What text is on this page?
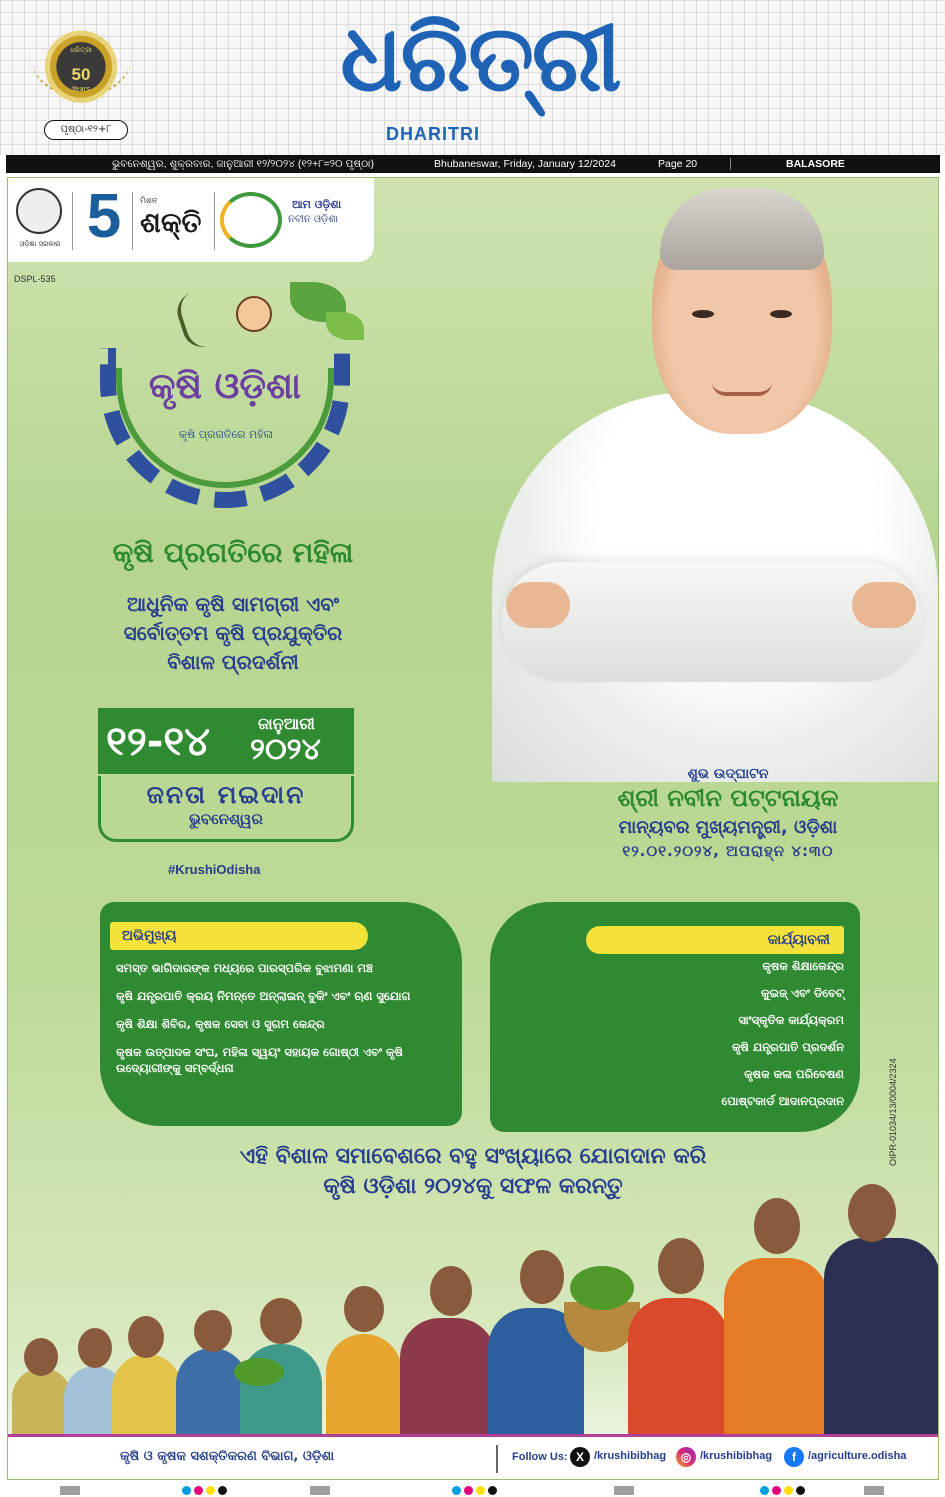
ଧରିତ୍ରୀ
50
Years
ପୃଷ୍ଠା-୧୨+୮
ଧରିତ୍ରୀ
DHARITRI
ଭୁବନେଶ୍ୱର, ଶୁକ୍ରବାର, ଜାନୁଆରୀ ୧୨/୨୦୨୪ (୧୨+୮=୨୦ ପୃଷ୍ଠା)	Bhubaneswar, Friday, January 12/2024	Page 20	BALASORE
ଓଡ଼ିଶା ସରକାର 5	ମିଶନ
ଶକ୍ତି
ଆମ ଓଡ଼ିଶା
ନବୀନ ଓଡ଼ିଶା
DSPL-535
କୃଷି ଓଡ଼ିଶା
କୃଷି ପ୍ରଗତିରେ ମହିଳା
କୃଷି ପ୍ରଗତିରେ ମହିଳା
ଆଧୁନିକ କୃଷି ସାମଗ୍ରୀ ଏବଂ
ସର୍ବୋତ୍ତମ କୃଷି ପ୍ରଯୁକ୍ତିର
ବିଶାଳ ପ୍ରଦର୍ଶନୀ
୧୨-୧୪	ଜାନୁଆରୀ
୨୦୨୪
ଜନତା ମଇଦାନ
ଭୁବନେଶ୍ୱର
#KrushiOdisha
ଶୁଭ ଉଦ୍‌ଘାଟନ
ଶ୍ରୀ ନବୀନ ପଟ୍ଟନାୟକ
ମାନ୍ୟବର ମୁଖ୍ୟମନ୍ତ୍ରୀ, ଓଡ଼ିଶା
୧୨.୦୧.୨୦୨୪, ଅପରାହ୍ନ ୪:୩୦
ଅଭିମୁଖ୍ୟ
ସମସ୍ତ ଭାଗିଦାରଙ୍କ ମଧ୍ୟରେ ପାରସ୍ପରିକ ବୁଝାମଣା ମଞ୍ଚ
କୃଷି ଯନ୍ତ୍ରପାତି କ୍ରୟ ନିମନ୍ତେ ଅନ୍‌ଲାଇନ୍ ବୁକିଂ ଏବଂ ଋଣ ସୁଯୋଗ
କୃଷି ଶିକ୍ଷା ଶିବିର, କୃଷକ ସେବା ଓ ସୁଗମ କେନ୍ଦ୍ର
କୃଷକ ଉତ୍ପାଦକ ସଂଘ, ମହିଳା ସ୍ୱୟଂ ସହାୟକ ଗୋଷ୍ଠୀ ଏବଂ କୃଷି ଉଦ୍ୟୋଗୀଙ୍କୁ ସମ୍ବର୍ଦ୍ଧନା
କାର୍ଯ୍ୟାବଳୀ
କୃଷକ ଶିକ୍ଷାକେନ୍ଦ୍ର
କୁଇଜ୍ ଏବଂ ଡିବେଟ୍
ସାଂସ୍କୃତିକ କାର୍ଯ୍ୟକ୍ରମ
କୃଷି ଯନ୍ତ୍ରପାତି ପ୍ରଦର୍ଶନ
କୃଷକ କଳା ପରିବେଷଣ
ପୋଷ୍ଟକାର୍ଡ ଆଦାନପ୍ରଦାନ
ଏହି ବିଶାଳ ସମାବେଶରେ ବହୁ ସଂଖ୍ୟାରେ ଯୋଗଦାନ କରି
କୃଷି ଓଡ଼ିଶା ୨୦୨୪କୁ ସଫଳ କରନ୍ତୁ
OIPR-01034/13/0004/2324
କୃଷି ଓ କୃଷକ ସଶକ୍ତିକରଣ ବିଭାଗ, ଓଡ଼ିଶା	Follow Us: X /krushibibhag	◎ /krushibibhag	f	/agriculture.odisha
